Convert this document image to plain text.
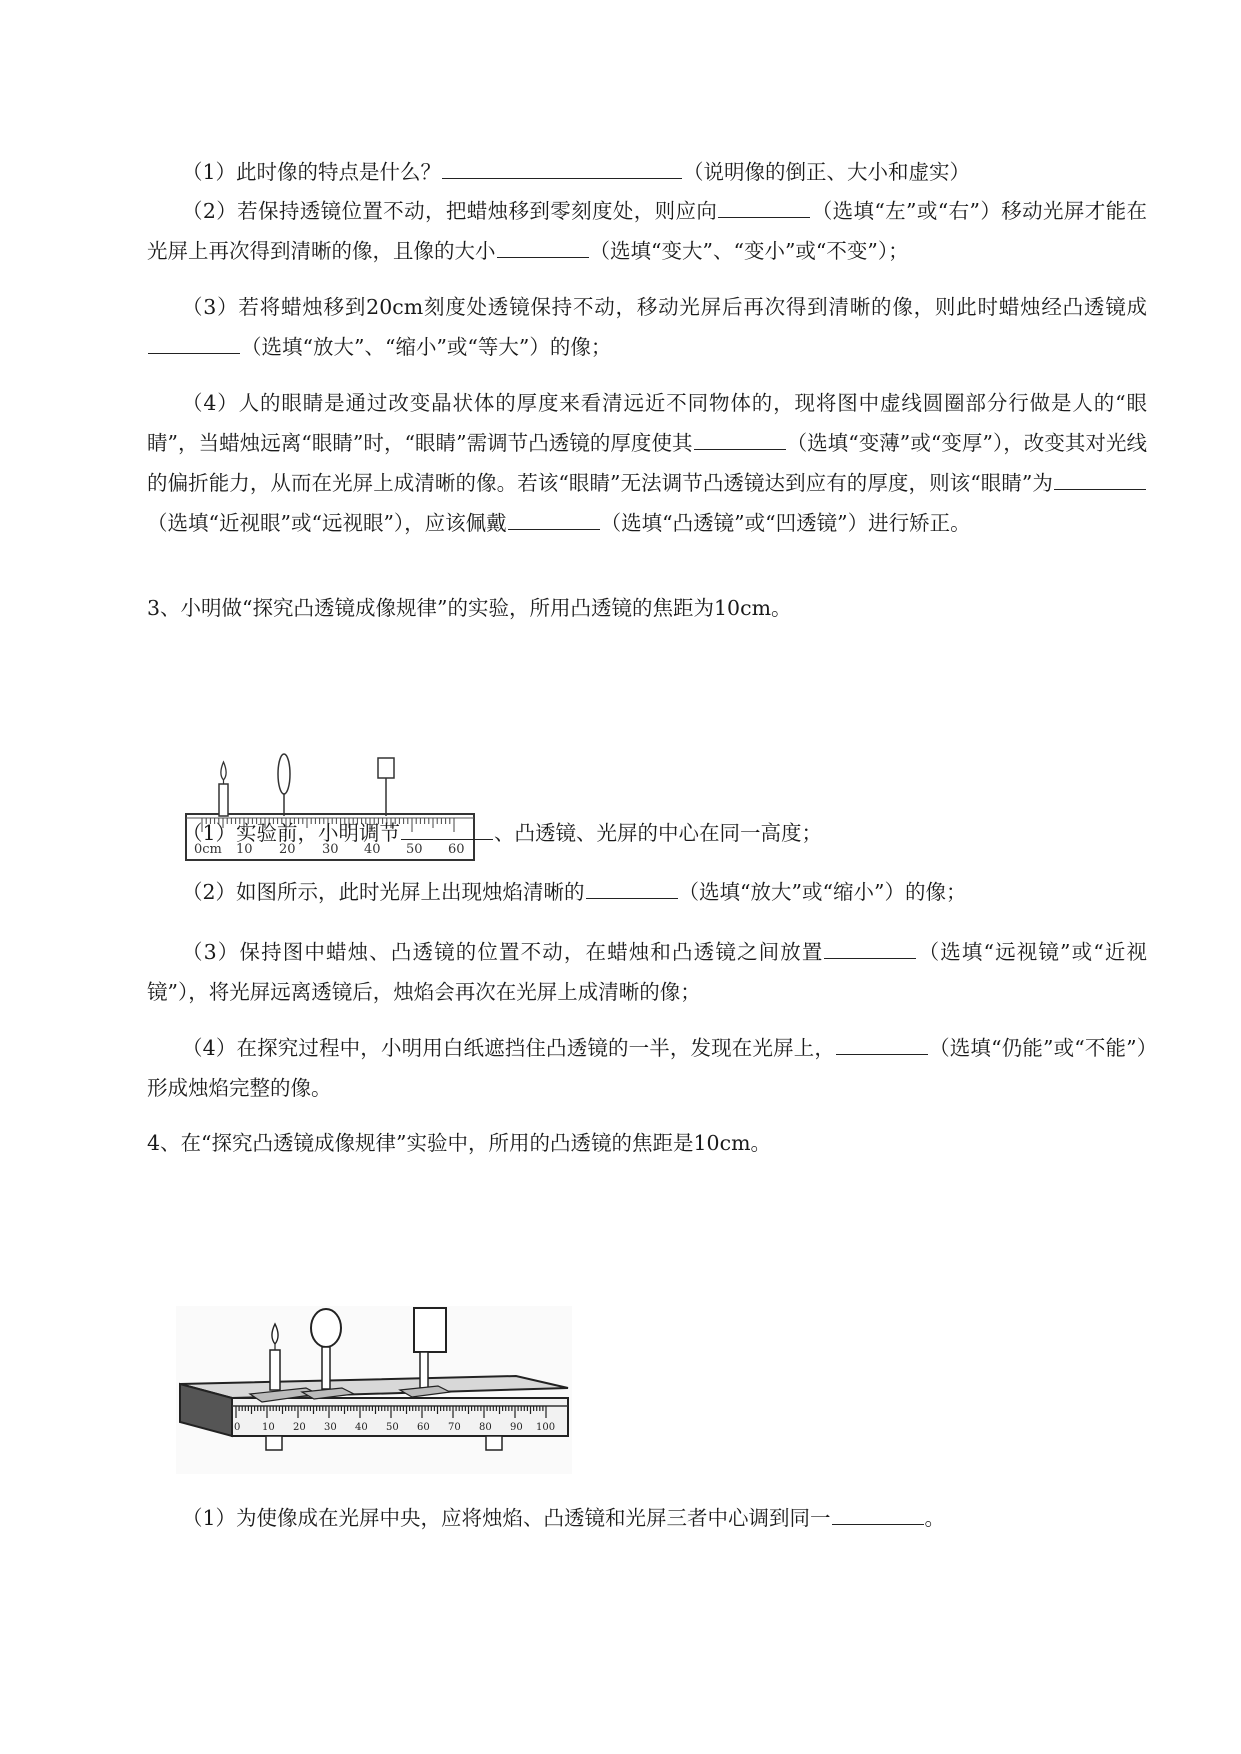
（1）此时像的特点是什么？	（说明像的倒正、大小和虚实）

（2）若保持透镜位置不动，把蜡烛移到零刻度处，则应向	（选填“左”或“右”）移动光屏才能在光屏上再次得到清晰的像，且像的大小	（选填“变大”、“变小”或“不变”）；

（3）若将蜡烛移到20cm刻度处透镜保持不动，移动光屏后再次得到清晰的像，则此时蜡烛经凸透镜成（选填“放大”、“缩小”或“等大”）的像；

（4）人的眼睛是通过改变晶状体的厚度来看清远近不同物体的，现将图中虚线圆圈部分行做是人的“眼睛”，当蜡烛远离“眼睛”时，“眼睛”需调节凸透镜的厚度使其	（选填“变薄”或“变厚”），改变其对光线的偏折能力，从而在光屏上成清晰的像。若该“眼睛”无法调节凸透镜达到应有的厚度，则该“眼睛”为（选填“近视眼”或“远视眼”），应该佩戴	（选填“凸透镜”或“凹透镜”）进行矫正。

3、小明做“探究凸透镜成像规律”的实验，所用凸透镜的焦距为10cm。

0cm 10 20 30 40 50 60

（1）实验前，小明调节	、凸透镜、光屏的中心在同一高度；

（2）如图所示，此时光屏上出现烛焰清晰的	（选填“放大”或“缩小”）的像；

（3）保持图中蜡烛、凸透镜的位置不动，在蜡烛和凸透镜之间放置	（选填“远视镜”或“近视镜”），将光屏远离透镜后，烛焰会再次在光屏上成清晰的像；

（4）在探究过程中，小明用白纸遮挡住凸透镜的一半，发现在光屏上，	（选填“仍能”或“不能”）形成烛焰完整的像。

4、在“探究凸透镜成像规律”实验中，所用的凸透镜的焦距是10cm。

0 10 20 30 40 50 60 70 80 90 100

（1）为使像成在光屏中央，应将烛焰、凸透镜和光屏三者中心调到同一	。
